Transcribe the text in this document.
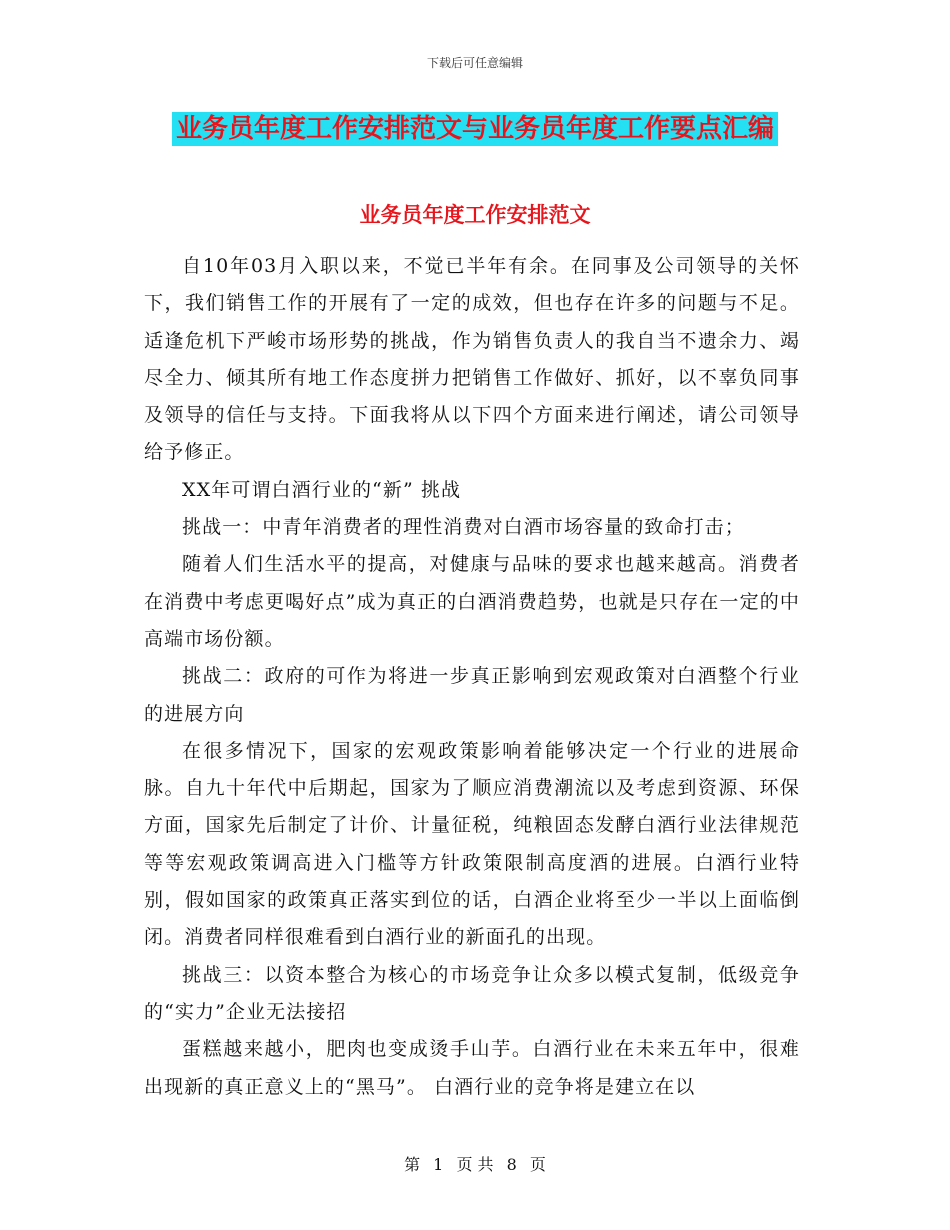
下载后可任意编辑
业务员年度工作安排范文与业务员年度工作要点汇编
业务员年度工作安排范文

自10年03月入职以来，不觉已半年有余。在同事及公司领导的关怀下，我们销售工作的开展有了一定的成效，但也存在许多的问题与不足。适逢危机下严峻市场形势的挑战，作为销售负责人的我自当不遗余力、竭尽全力、倾其所有地工作态度拼力把销售工作做好、抓好，以不辜负同事及领导的信任与支持。下面我将从以下四个方面来进行阐述，请公司领导给予修正。

XX年可谓白酒行业的“新” 挑战

挑战一：中青年消费者的理性消费对白酒市场容量的致命打击；

随着人们生活水平的提高，对健康与品味的要求也越来越高。消费者在消费中考虑更喝好点”成为真正的白酒消费趋势，也就是只存在一定的中高端市场份额。

挑战二：政府的可作为将进一步真正影响到宏观政策对白酒整个行业的进展方向

在很多情况下，国家的宏观政策影响着能够决定一个行业的进展命脉。自九十年代中后期起，国家为了顺应消费潮流以及考虑到资源、环保方面，国家先后制定了计价、计量征税，纯粮固态发酵白酒行业法律规范等等宏观政策调高进入门槛等方针政策限制高度酒的进展。白酒行业特别，假如国家的政策真正落实到位的话，白酒企业将至少一半以上面临倒闭。消费者同样很难看到白酒行业的新面孔的出现。

挑战三：以资本整合为核心的市场竞争让众多以模式复制，低级竞争的“实力”企业无法接招

蛋糕越来越小，肥肉也变成烫手山芋。白酒行业在未来五年中，很难出现新的真正意义上的“黑马”。 白酒行业的竞争将是建立在以

第 1 页 共 8 页
